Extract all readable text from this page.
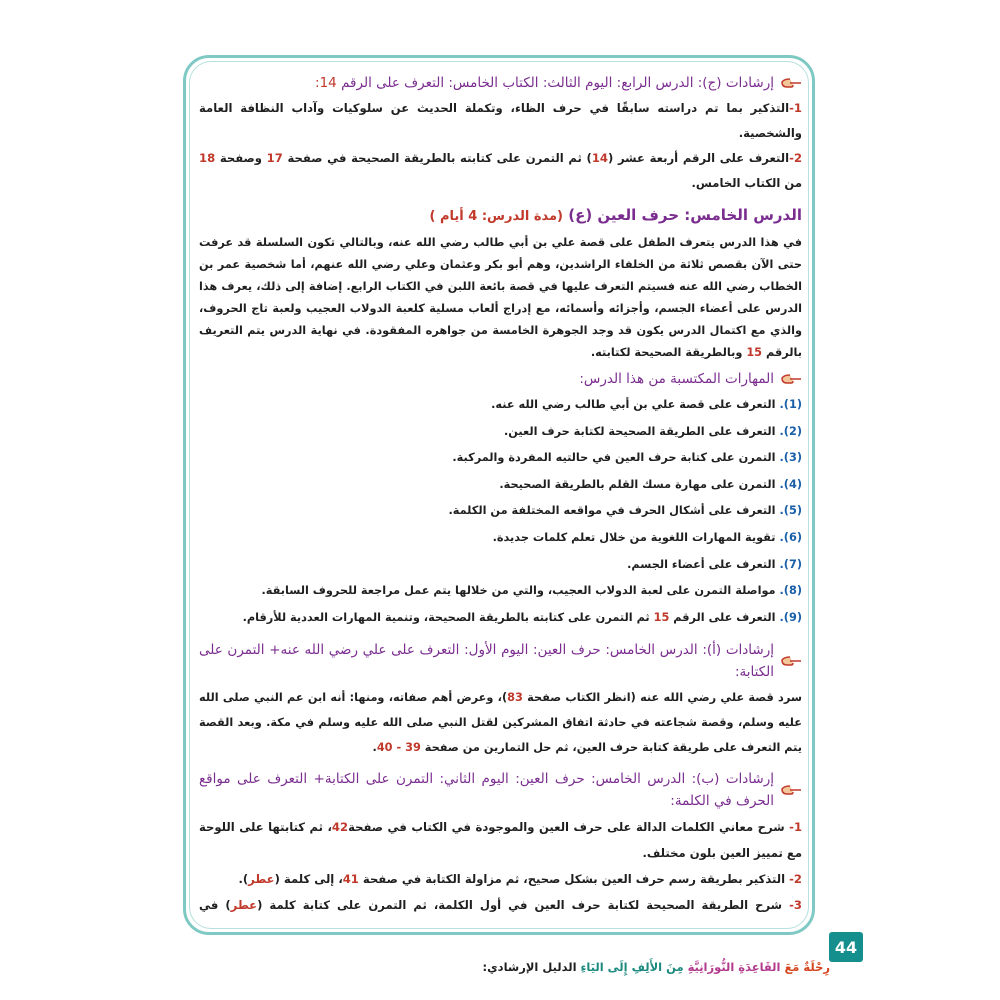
إرشادات (ج): الدرس الرابع: اليوم الثالث: الكتاب الخامس: التعرف على الرقم 14:

1-التذكير بما تم دراسته سابقًا في حرف الظاء، وتكملة الحديث عن سلوكيات وآداب النظافة العامة والشخصية.

2-التعرف على الرقم أربعة عشر (14) ثم التمرن على كتابته بالطريقة الصحيحة في صفحة 17 وصفحة 18 من الكتاب الخامس.

الدرس الخامس: حرف العين (ع) (مدة الدرس: 4 أيام )

في هذا الدرس يتعرف الطفل على قصة علي بن أبي طالب رضي الله عنه، وبالتالي تكون السلسلة قد عرفت حتى الآن بقصص ثلاثة من الخلفاء الراشدين، وهم أبو بكر وعثمان وعلي رضي الله عنهم، أما شخصية عمر بن الخطاب رضي الله عنه فسيتم التعرف عليها في قصة بائعة اللبن في الكتاب الرابع. إضافة إلى ذلك، يعرف هذا الدرس على أعضاء الجسم، وأجزائه وأسمائه، مع إدراج ألعاب مسلية كلعبة الدولاب العجيب ولعبة تاج الحروف، والذي مع اكتمال الدرس يكون قد وجد الجوهرة الخامسة من جواهره المفقودة. في نهاية الدرس يتم التعريف بالرقم 15 وبالطريقة الصحيحة لكتابته.

المهارات المكتسبة من هذا الدرس:
(1). التعرف على قصة علي بن أبي طالب رضي الله عنه.
(2). التعرف على الطريقة الصحيحة لكتابة حرف العين.
(3). التمرن على كتابة حرف العين في حالتيه المفردة والمركبة.
(4). التمرن على مهارة مسك القلم بالطريقة الصحيحة.
(5). التعرف على أشكال الحرف في مواقعه المختلفة من الكلمة.
(6). تقوية المهارات اللغوية من خلال تعلم كلمات جديدة.
(7). التعرف على أعضاء الجسم.
(8). مواصلة التمرن على لعبة الدولاب العجيب، والتي من خلالها يتم عمل مراجعة للحروف السابقة.
(9). التعرف على الرقم 15 ثم التمرن على كتابته بالطريقة الصحيحة، وتنمية المهارات العددية للأرقام.
إرشادات (أ): الدرس الخامس: حرف العين: اليوم الأول: التعرف على علي رضي الله عنه+ التمرن على الكتابة:

سرد قصة علي رضي الله عنه (انظر الكتاب صفحة 83)، وعرض أهم صفاته، ومنها: أنه ابن عم النبي صلى الله عليه وسلم، وقصة شجاعته في حادثة اتفاق المشركين لقتل النبي صلى الله عليه وسلم في مكة. وبعد القصة يتم التعرف على طريقة كتابة حرف العين، ثم حل التمارين من صفحة 39 - 40.

إرشادات (ب): الدرس الخامس: حرف العين: اليوم الثاني: التمرن على الكتابة+ التعرف على مواقع الحرف في الكلمة:

1- شرح معاني الكلمات الدالة على حرف العين والموجودة في الكتاب في صفحة42، ثم كتابتها على اللوحة مع تمييز العين بلون مختلف.

2- التذكير بطريقة رسم حرف العين بشكل صحيح، ثم مزاولة الكتابة في صفحة 41، إلى كلمة (عطر).

3- شرح الطريقة الصحيحة لكتابة حرف العين في أول الكلمة، ثم التمرن على كتابة كلمة (عطر) في

44
رِحْلَةٌ مَعَ القَاعِدَةِ النُّورَانِيَّةِ مِنَ الأَلِفِ إِلَى اليَاءِ الدليل الإرشادي:
